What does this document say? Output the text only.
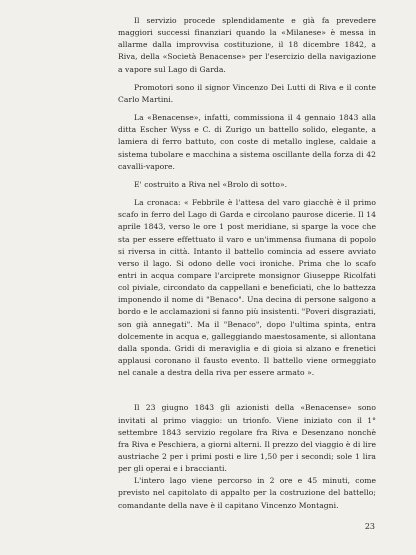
Il servizio procede splendidamente e già fa prevedere maggiori successi finanziari quando la «Milanese» è messa in allarme dalla improvvisa costituzione, il 18 dicembre 1842, a Riva, della «Società Benacense» per l'esercizio della navigazione a vapore sul Lago di Garda.

Promotori sono il signor Vincenzo Dei Lutti di Riva e il conte Carlo Martini.

La «Benacense», infatti, commissiona il 4 gennaio 1843 alla ditta Escher Wyss e C. di Zurigo un battello solido, elegante, a lamiera di ferro battuto, con coste di metallo inglese, caldaie a sistema tubolare e macchina a sistema oscillante della forza di 42 cavalli-vapore.

E' costruito a Riva nel «Brolo di sotto».

La cronaca: « Febbrile è l'attesa del varo giacchè è il primo scafo in ferro del Lago di Garda e circolano paurose dicerie. Il 14 aprile 1843, verso le ore 1 post meridiane, si sparge la voce che sta per essere effettuato il varo e un'immensa fiumana di popolo si riversa in città. Intanto il battello comincia ad essere avviato verso il lago. Si odono delle voci ironiche. Prima che lo scafo entri in acqua compare l'arciprete monsignor Giuseppe Ricolfati col piviale, circondato da cappellani e beneficiati, che lo battezza imponendo il nome di "Benaco". Una decina di persone salgono a bordo e le acclamazioni si fanno più insistenti. "Poveri disgraziati, son già annegati". Ma il "Benaco", dopo l'ultima spinta, entra dolcemente in acqua e, galleggiando maestosamente, si allontana dalla sponda. Gridi di meraviglia e di gioia si alzano e frenetici applausi coronano il fausto evento. Il battello viene ormeggiato nel canale a destra della riva per essere armato ».

Il 23 giugno 1843 gli azionisti della «Benacense» sono invitati al primo viaggio: un trionfo. Viene iniziato con il 1° settembre 1843 servizio regolare fra Riva e Desenzano nonchè fra Riva e Peschiera, a giorni alterni. Il prezzo del viaggio è di lire austriache 2 per i primi posti e lire 1,50 per i secondi; sole 1 lira per gli operai e i braccianti.

L'intero lago viene percorso in 2 ore e 45 minuti, come previsto nel capitolato di appalto per la costruzione del battello; comandante della nave è il capitano Vincenzo Montagni.

23
